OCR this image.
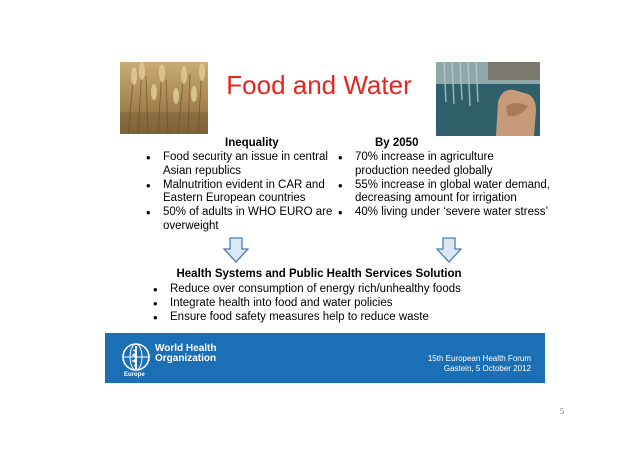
Food and Water
Inequality
• Food security an issue in central Asian republics
• Malnutrition evident in CAR and Eastern European countries
• 50% of adults in WHO EURO are overweight
By 2050
• 70% increase in agriculture production needed globally
• 55% increase in global water demand, decreasing amount for irrigation
• 40% living under ‘severe water stress’
Health Systems and Public Health Services Solution
• Reduce over consumption of energy rich/unhealthy foods
• Integrate health into food and water policies
• Ensure food safety measures help to reduce waste
World Health
Organization
Europe
15th European Health Forum
Gastein, 5 October 2012
5
